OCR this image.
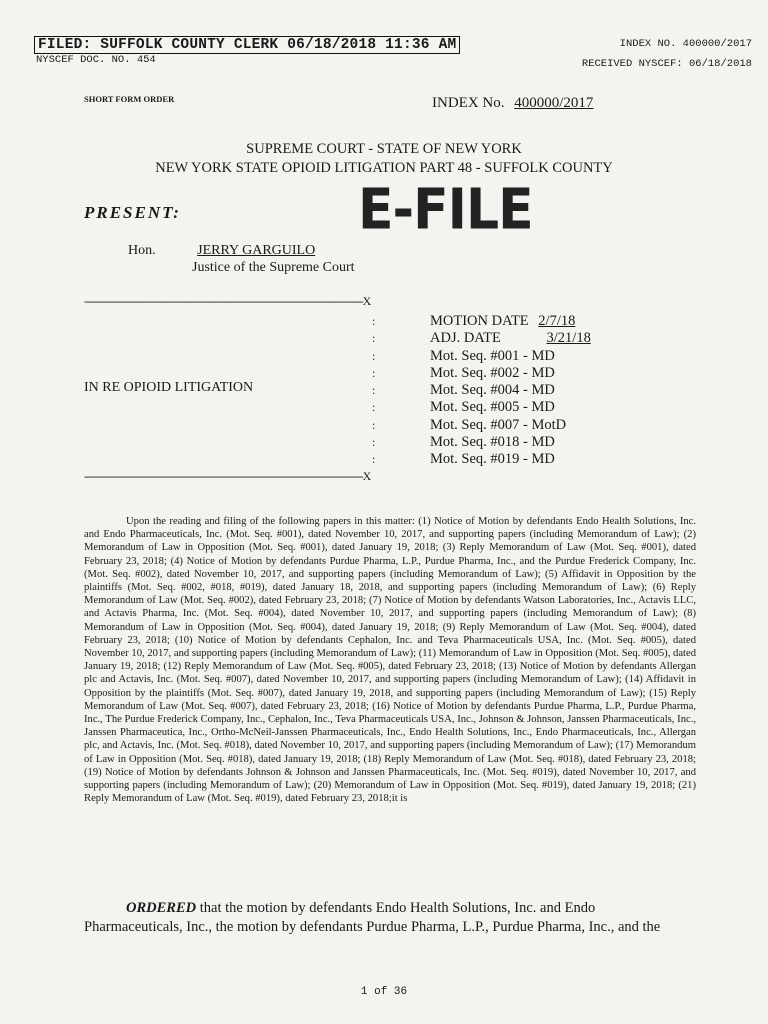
FILED: SUFFOLK COUNTY CLERK 06/18/2018 11:36 AM
NYSCEF DOC. NO. 454
INDEX NO. 400000/2017
RECEIVED NYSCEF: 06/18/2018
SHORT FORM ORDER	INDEX No. 400000/2017
SUPREME COURT - STATE OF NEW YORK
NEW YORK STATE OPIOID LITIGATION PART 48 - SUFFOLK COUNTY
PRESENT:	E-FILE
Hon.	JERRY GARGUILO
Justice of the Supreme Court
---------------------------------------------------------------------------------------------X
:
:
:
:
:
:
:
:
:
---------------------------------------------------------------------------------------------X
IN RE OPIOID LITIGATION
MOTION DATE 2/7/18
ADJ. DATE	3/21/18
Mot. Seq. #001 - MD
Mot. Seq. #002 - MD
Mot. Seq. #004 - MD
Mot. Seq. #005 - MD
Mot. Seq. #007 - MotD
Mot. Seq. #018 - MD
Mot. Seq. #019 - MD
Upon the reading and filing of the following papers in this matter: (1) Notice of Motion by defendants Endo Health Solutions, Inc. and Endo Pharmaceuticals, Inc. (Mot. Seq. #001), dated November 10, 2017, and supporting papers (including Memorandum of Law); (2) Memorandum of Law in Opposition (Mot. Seq. #001), dated January 19, 2018; (3) Reply Memorandum of Law (Mot. Seq. #001), dated February 23, 2018; (4) Notice of Motion by defendants Purdue Pharma, L.P., Purdue Pharma, Inc., and the Purdue Frederick Company, Inc. (Mot. Seq. #002), dated November 10, 2017, and supporting papers (including Memorandum of Law); (5) Affidavit in Opposition by the plaintiffs (Mot. Seq. #002, #018, #019), dated January 18, 2018, and supporting papers (including Memorandum of Law); (6) Reply Memorandum of Law (Mot. Seq. #002), dated February 23, 2018; (7) Notice of Motion by defendants Watson Laboratories, Inc., Actavis LLC, and Actavis Pharma, Inc. (Mot. Seq. #004), dated November 10, 2017, and supporting papers (including Memorandum of Law); (8) Memorandum of Law in Opposition (Mot. Seq. #004), dated January 19, 2018; (9) Reply Memorandum of Law (Mot. Seq. #004), dated February 23, 2018; (10) Notice of Motion by defendants Cephalon, Inc. and Teva Pharmaceuticals USA, Inc. (Mot. Seq. #005), dated November 10, 2017, and supporting papers (including Memorandum of Law); (11) Memorandum of Law in Opposition (Mot. Seq. #005), dated January 19, 2018; (12) Reply Memorandum of Law (Mot. Seq. #005), dated February 23, 2018; (13) Notice of Motion by defendants Allergan plc and Actavis, Inc. (Mot. Seq. #007), dated November 10, 2017, and supporting papers (including Memorandum of Law); (14) Affidavit in Opposition by the plaintiffs (Mot. Seq. #007), dated January 19, 2018, and supporting papers (including Memorandum of Law); (15) Reply Memorandum of Law (Mot. Seq. #007), dated February 23, 2018; (16) Notice of Motion by defendants Purdue Pharma, L.P., Purdue Pharma, Inc., The Purdue Frederick Company, Inc., Cephalon, Inc., Teva Pharmaceuticals USA, Inc., Johnson & Johnson, Janssen Pharmaceuticals, Inc., Janssen Pharmaceutica, Inc., Ortho-McNeil-Janssen Pharmaceuticals, Inc., Endo Health Solutions, Inc., Endo Pharmaceuticals, Inc., Allergan plc, and Actavis, Inc. (Mot. Seq. #018), dated November 10, 2017, and supporting papers (including Memorandum of Law); (17) Memorandum of Law in Opposition (Mot. Seq. #018), dated January 19, 2018; (18) Reply Memorandum of Law (Mot. Seq. #018), dated February 23, 2018; (19) Notice of Motion by defendants Johnson & Johnson and Janssen Pharmaceuticals, Inc. (Mot. Seq. #019), dated November 10, 2017, and supporting papers (including Memorandum of Law); (20) Memorandum of Law in Opposition (Mot. Seq. #019), dated January 19, 2018; (21) Reply Memorandum of Law (Mot. Seq. #019), dated February 23, 2018;it is
ORDERED that the motion by defendants Endo Health Solutions, Inc. and Endo Pharmaceuticals, Inc., the motion by defendants Purdue Pharma, L.P., Purdue Pharma, Inc., and the
1 of 36
